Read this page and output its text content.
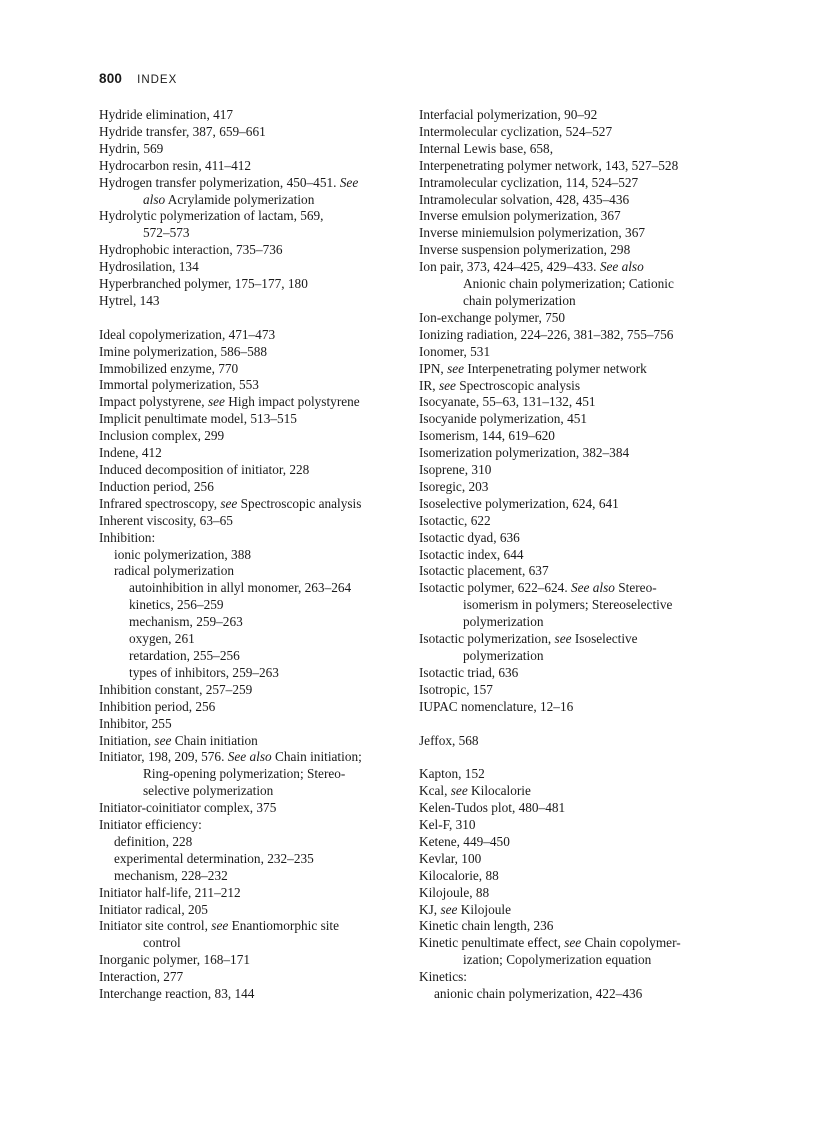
800 INDEX
Hydride elimination, 417
Hydride transfer, 387, 659–661
Hydrin, 569
Hydrocarbon resin, 411–412
Hydrogen transfer polymerization, 450–451. See
also Acrylamide polymerization
Hydrolytic polymerization of lactam, 569,
572–573
Hydrophobic interaction, 735–736
Hydrosilation, 134
Hyperbranched polymer, 175–177, 180
Hytrel, 143
Ideal copolymerization, 471–473
Imine polymerization, 586–588
Immobilized enzyme, 770
Immortal polymerization, 553
Impact polystyrene, see High impact polystyrene
Implicit penultimate model, 513–515
Inclusion complex, 299
Indene, 412
Induced decomposition of initiator, 228
Induction period, 256
Infrared spectroscopy, see Spectroscopic analysis
Inherent viscosity, 63–65
Inhibition:
ionic polymerization, 388
radical polymerization
autoinhibition in allyl monomer, 263–264
kinetics, 256–259
mechanism, 259–263
oxygen, 261
retardation, 255–256
types of inhibitors, 259–263
Inhibition constant, 257–259
Inhibition period, 256
Inhibitor, 255
Initiation, see Chain initiation
Initiator, 198, 209, 576. See also Chain initiation;
Ring-opening polymerization; Stereo-
selective polymerization
Initiator-coinitiator complex, 375
Initiator efficiency:
definition, 228
experimental determination, 232–235
mechanism, 228–232
Initiator half-life, 211–212
Initiator radical, 205
Initiator site control, see Enantiomorphic site
control
Inorganic polymer, 168–171
Interaction, 277
Interchange reaction, 83, 144
Interfacial polymerization, 90–92
Intermolecular cyclization, 524–527
Internal Lewis base, 658,
Interpenetrating polymer network, 143, 527–528
Intramolecular cyclization, 114, 524–527
Intramolecular solvation, 428, 435–436
Inverse emulsion polymerization, 367
Inverse miniemulsion polymerization, 367
Inverse suspension polymerization, 298
Ion pair, 373, 424–425, 429–433. See also
Anionic chain polymerization; Cationic
chain polymerization
Ion-exchange polymer, 750
Ionizing radiation, 224–226, 381–382, 755–756
Ionomer, 531
IPN, see Interpenetrating polymer network
IR, see Spectroscopic analysis
Isocyanate, 55–63, 131–132, 451
Isocyanide polymerization, 451
Isomerism, 144, 619–620
Isomerization polymerization, 382–384
Isoprene, 310
Isoregic, 203
Isoselective polymerization, 624, 641
Isotactic, 622
Isotactic dyad, 636
Isotactic index, 644
Isotactic placement, 637
Isotactic polymer, 622–624. See also Stereo-
isomerism in polymers; Stereoselective
polymerization
Isotactic polymerization, see Isoselective
polymerization
Isotactic triad, 636
Isotropic, 157
IUPAC nomenclature, 12–16
Jeffox, 568
Kapton, 152
Kcal, see Kilocalorie
Kelen-Tudos plot, 480–481
Kel-F, 310
Ketene, 449–450
Kevlar, 100
Kilocalorie, 88
Kilojoule, 88
KJ, see Kilojoule
Kinetic chain length, 236
Kinetic penultimate effect, see Chain copolymer-
ization; Copolymerization equation
Kinetics:
anionic chain polymerization, 422–436
